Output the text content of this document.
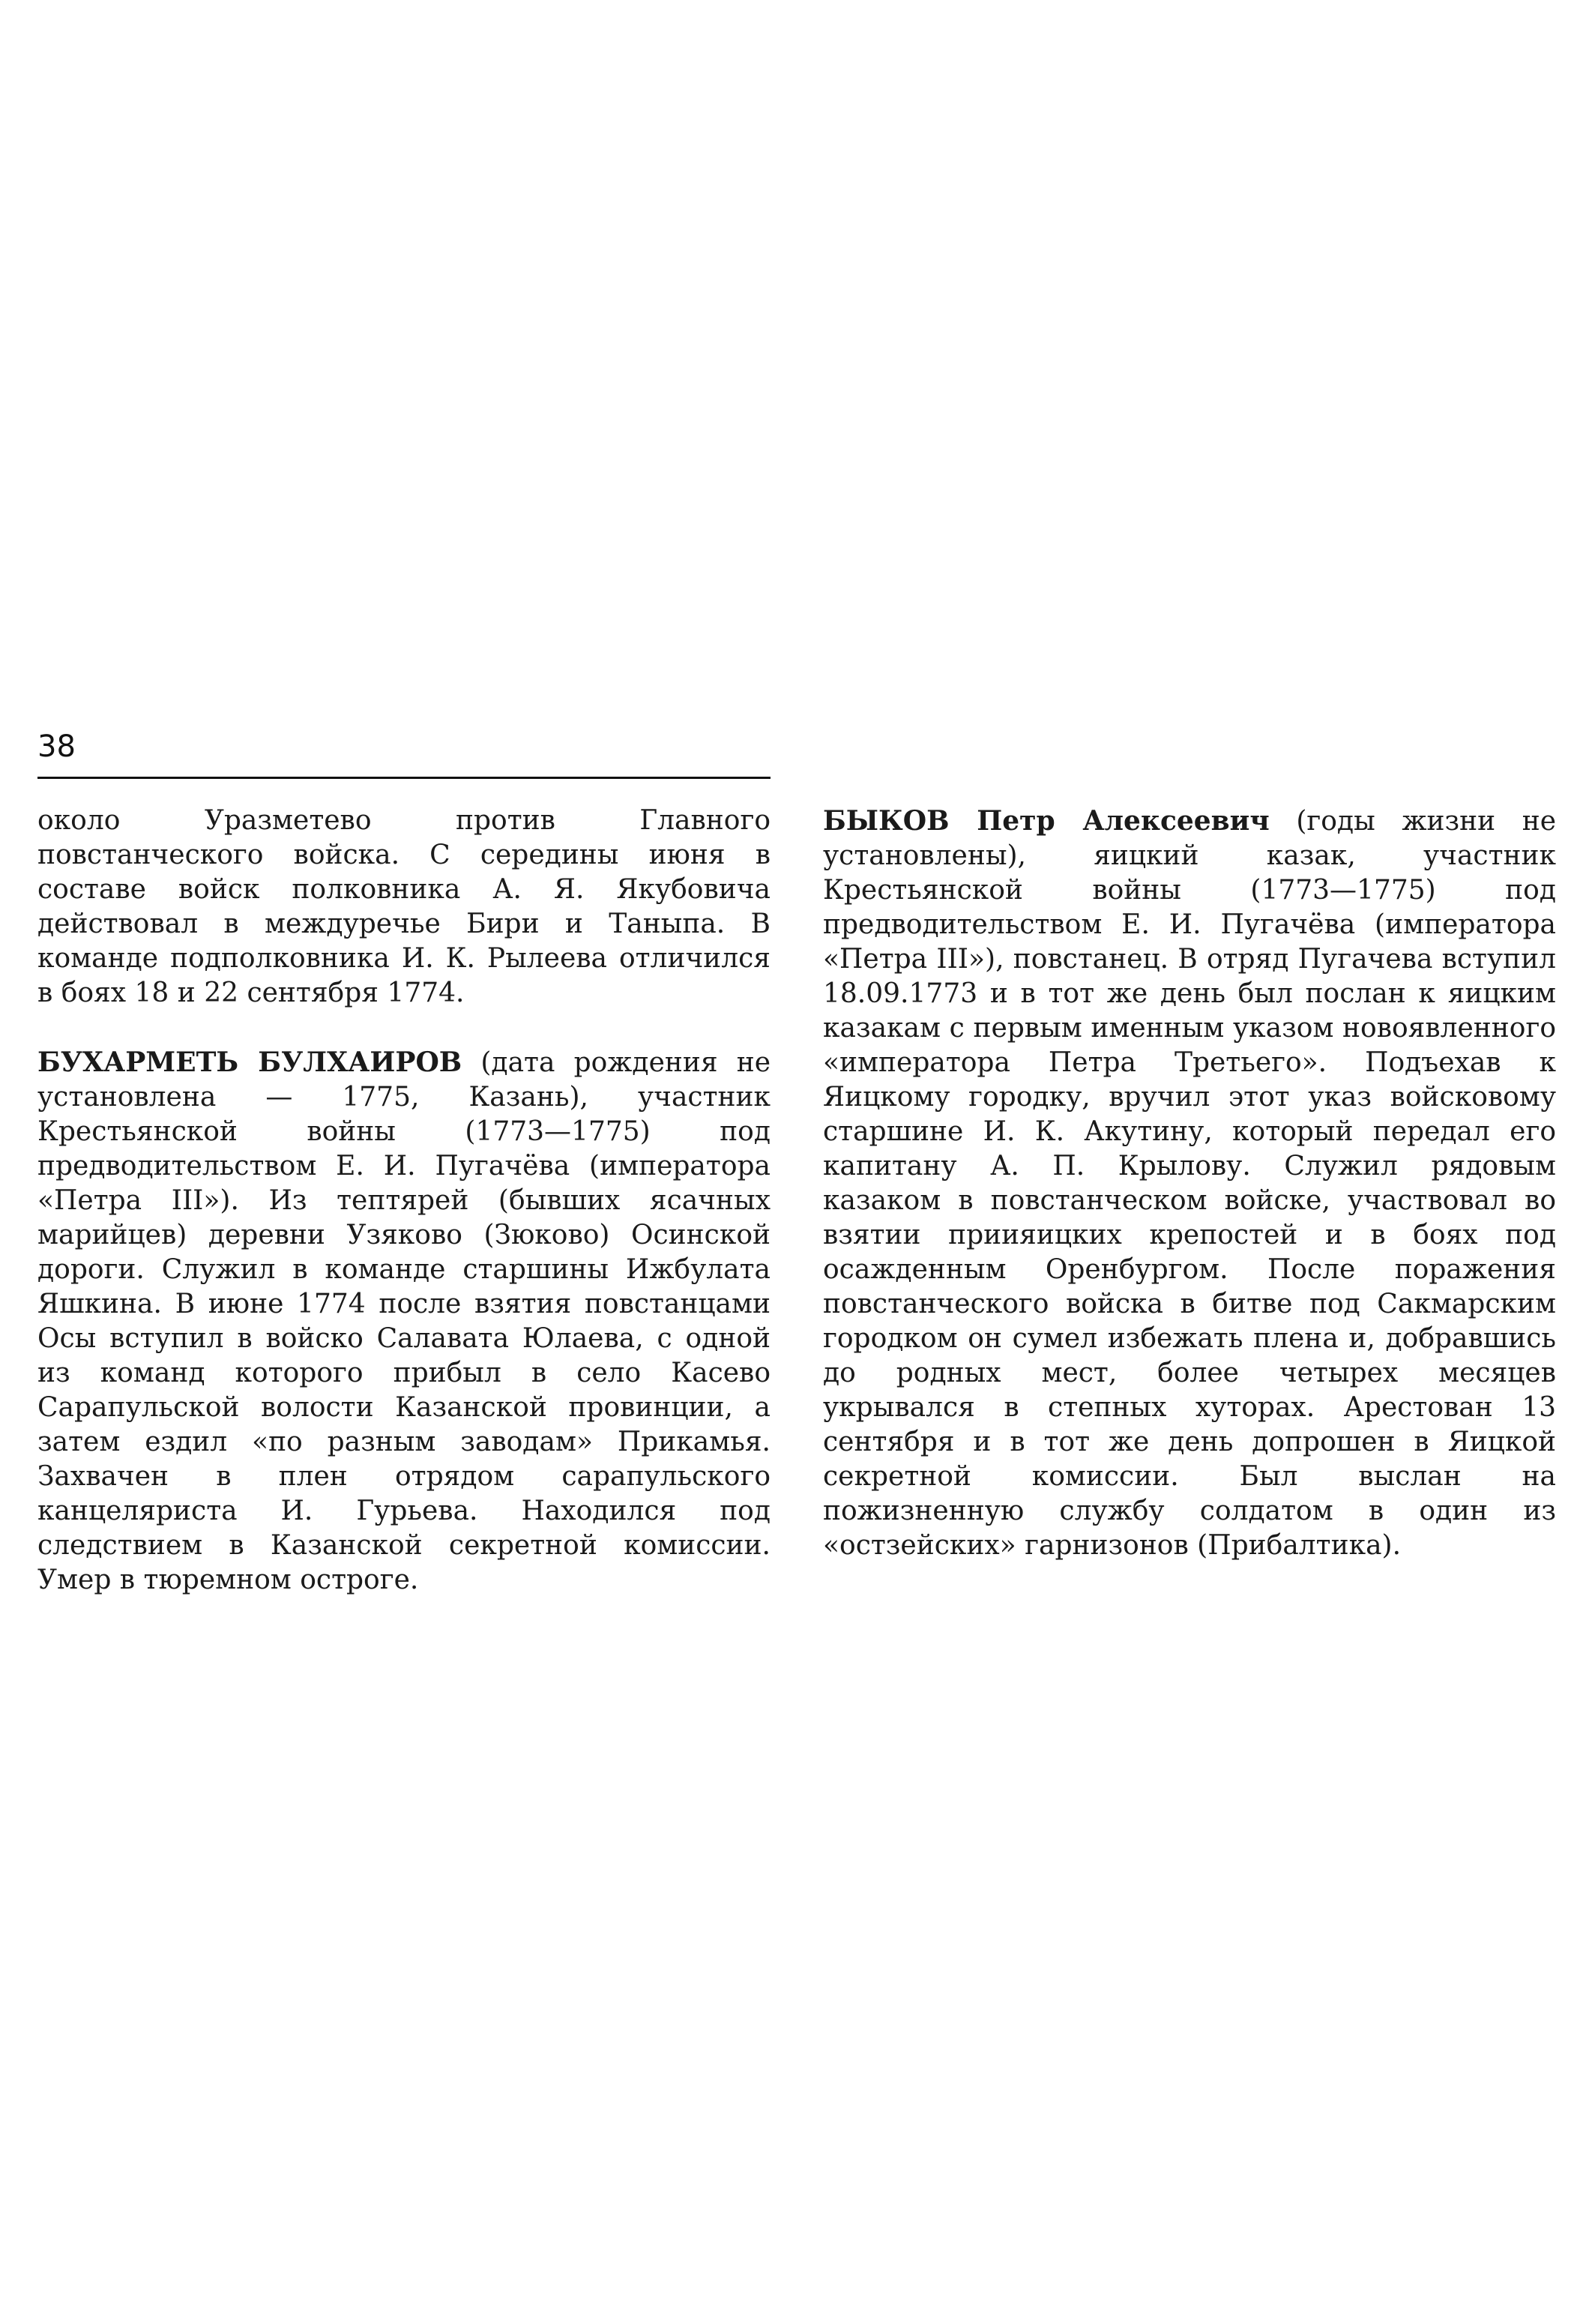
38

около Уразметево против Главного повстанческого войска. С середины июня в составе войск полковника А. Я. Якубовича действовал в междуречье Бири и Таныпа. В команде подполковника И. К. Рылеева отличился в боях 18 и 22 сентября 1774.

БУХАРМЕТЬ БУЛХАИРОВ (дата рождения не установлена — 1775, Казань), участник Крестьянской войны (1773—1775) под предводительством Е. И. Пугачёва (императора «Петра III»). Из тептярей (бывших ясачных марийцев) деревни Узяково (Зюково) Осинской дороги. Служил в команде старшины Ижбулата Яшкина. В июне 1774 после взятия повстанцами Осы вступил в войско Салавата Юлаева, с одной из команд которого прибыл в село Касево Сарапульской волости Казанской провинции, а затем ездил «по разным заводам» Прикамья. Захвачен в плен отрядом сарапульского канцеляриста И. Гурьева. Находился под следствием в Казанской секретной комиссии. Умер в тюремном остроге.

БЫКОВ Петр Алексеевич (годы жизни не установлены), яицкий казак, участник Крестьянской войны (1773—1775) под предводительством Е. И. Пугачёва (императора «Петра III»), повстанец. В отряд Пугачева вступил 18.09.1773 и в тот же день был послан к яицким казакам с первым именным указом новоявленного «императора Петра Третьего». Подъехав к Яицкому городку, вручил этот указ войсковому старшине И. К. Акутину, который передал его капитану А. П. Крылову. Служил рядовым казаком в повстанческом войске, участвовал во взятии приияицких крепостей и в боях под осажденным Оренбургом. После поражения повстанческого войска в битве под Сакмарским городком он сумел избежать плена и, добравшись до родных мест, более четырех месяцев укрывался в степных хуторах. Арестован 13 сентября и в тот же день допрошен в Яицкой секретной комиссии. Был выслан на пожизненную службу солдатом в один из «остзейских» гарнизонов (Прибалтика).
